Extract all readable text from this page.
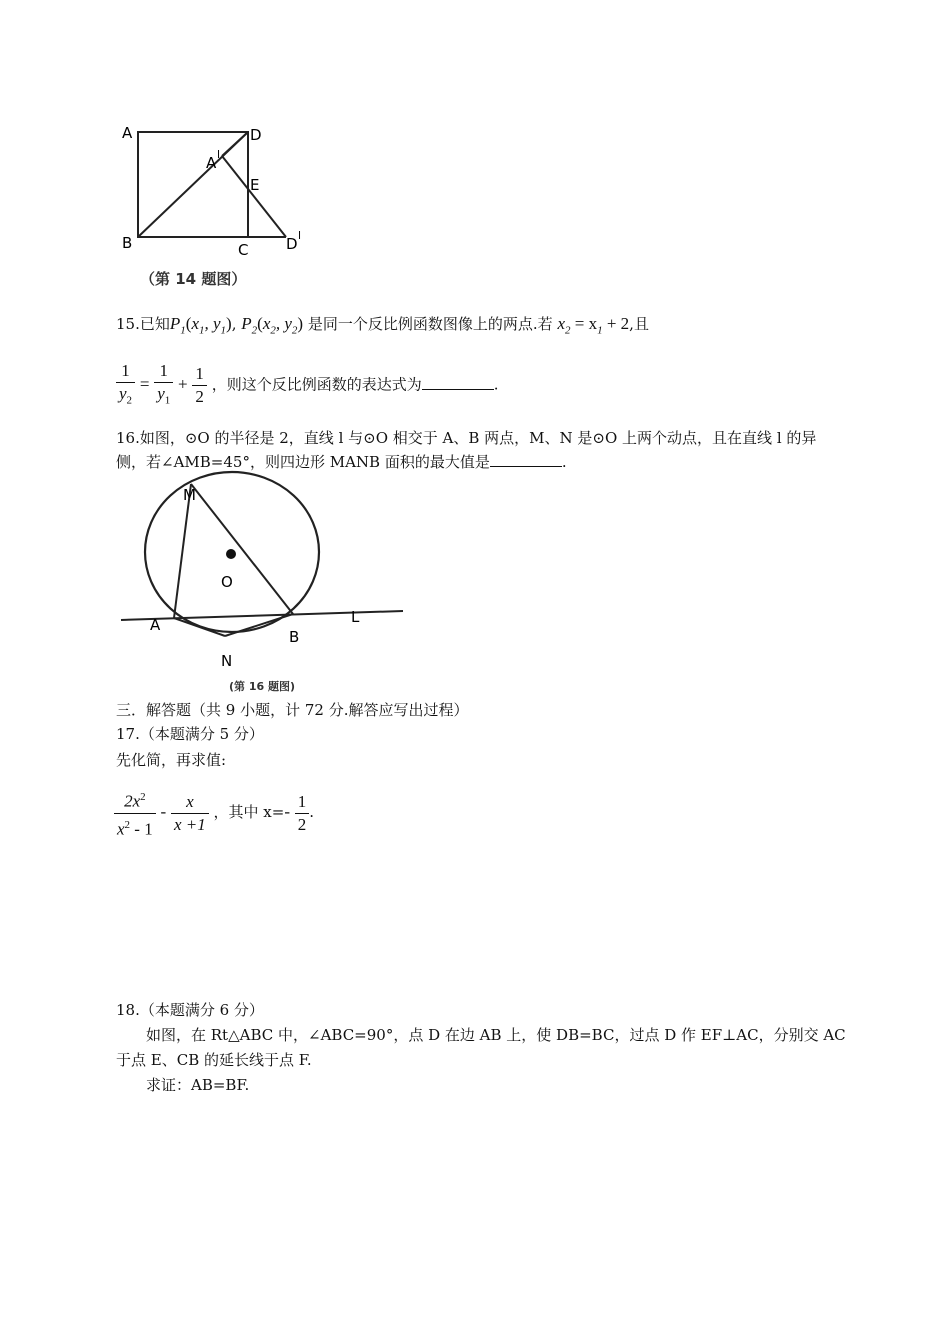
A	D
A l
E
B	C	D l
（第 14 题图）
15.已知$P_1(x_1$, $y_1$), $P_2(x_2$, $y_2$) 是同一个反比例函数图像上的两点.若 $x_2 = x_1 + 2$,且
$\frac{1}{y_2} = \frac{1}{y_1} + \frac{1}{2}$ ，则这个反比例函数的表达式为	.
16.如图，⊙O 的半径是 2，直线 l 与⊙O 相交于 A、B 两点，M、N 是⊙O 上两个动点，且在直线 l 的异
侧，若∠AMB=45°，则四边形 MANB 面积的最大值是	.
M
O
A
B
L
N
(第 16 题图)
三．解答题（共 9 小题，计 72 分.解答应写出过程）
17.（本题满分 5 分）
先化简，再求值:
$\frac{2x^2}{x^2 - 1} - \frac{x}{x +1}$ ，其中 $x=- \frac{1}{2}$ .
18.（本题满分 6 分）
如图，在 Rt△ABC 中，∠ABC=90°，点 D 在边 AB 上，使 DB=BC，过点 D 作 EF⊥AC，分别交 AC
于点 E、CB 的延长线于点 F.
求证：AB=BF.
